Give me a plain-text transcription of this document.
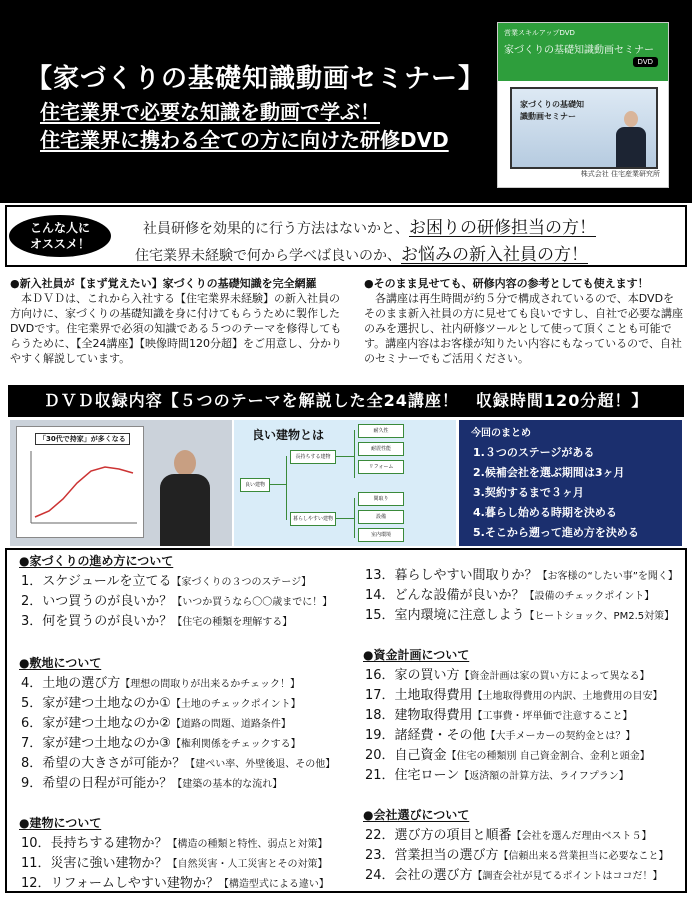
【家づくりの基礎知識動画セミナー】
住宅業界で必要な知識を動画で学ぶ！
住宅業界に携わる全ての方に向けた研修DVD
営業スキルアップDVD
家づくりの基礎知識動画セミナー
DVD
家づくりの基礎知識動画セミナー
株式会社 住宅産業研究所
こんな人に
オススメ！
社員研修を効果的に行う方法はないかと、お困りの研修担当の方！
住宅業界未経験で何から学べば良いのか、お悩みの新入社員の方！
●新入社員が【まず覚えたい】家づくりの基礎知識を完全網羅

本ＤＶＤは、これから入社する【住宅業界未経験】の新入社員の方向けに、家づくりの基礎知識を身に付けてもらうために製作したDVDです。住宅業界で必須の知識である５つのテーマを修得してもらうために、【全24講座】【映像時間120分超】をご用意し、分かりやすく解説しています。

●そのまま見せても、研修内容の参考としても使えます！

各講座は再生時間が約５分で構成されているので、本DVDをそのまま新入社員の方に見せても良いですし、自社で必要な講座のみを選択し、社内研修ツールとして使って頂くことも可能です。講座内容はお客様が知りたい内容にもなっているので、自社のセミナーでもご活用ください。

ＤＶＤ収録内容【５つのテーマを解説した全24講座！　収録時間120分超！】
「30代で持家」が多くなる	良い建物とは
良い建物
長持ちする建物
暮らしやすい建物
耐久性
耐震性能
リフォーム
間取り
設備
室内環境
今回のまとめ
1.３つのステージがある
2.候補会社を選ぶ期間は3ヶ月
3.契約するまで３ヶ月
4.暮らし始める時期を決める
5.そこから遡って進め方を決める
●家づくりの進め方について
1．スケジュールを立てる【家づくりの３つのステージ】
2．いつ買うのが良いか？【いつか買うなら〇〇歳までに！】
3．何を買うのが良いか？【住宅の種類を理解する】
●敷地について
4．土地の選び方【理想の間取りが出来るかチェック！】
5．家が建つ土地なのか①【土地のチェックポイント】
6．家が建つ土地なのか②【道路の問題、道路条件】
7．家が建つ土地なのか③【権利関係をチェックする】
8．希望の大きさが可能か？【建ぺい率、外壁後退、その他】
9．希望の日程が可能か？【建築の基本的な流れ】
●建物について
10．長持ちする建物か？【構造の種類と特性、弱点と対策】
11．災害に強い建物か？【自然災害・人工災害とその対策】
12．リフォームしやすい建物か？【構造型式による違い】
13．暮らしやすい間取りか？【お客様の“したい事”を聞く】
14．どんな設備が良いか？【設備のチェックポイント】
15．室内環境に注意しよう【ヒートショック、PM2.5対策】
●資金計画について
16．家の買い方【資金計画は家の買い方によって異なる】
17．土地取得費用【土地取得費用の内訳、土地費用の目安】
18．建物取得費用【工事費・坪単価で注意すること】
19．諸経費・その他【大手メーカーの契約金とは？】
20．自己資金【住宅の種類別 自己資金割合、金利と頭金】
21．住宅ローン【返済額の計算方法、ライフプラン】
●会社選びについて
22．選び方の項目と順番【会社を選んだ理由ベスト５】
23．営業担当の選び方【信頼出来る営業担当に必要なこと】
24．会社の選び方【調査会社が見てるポイントはココだ！】
